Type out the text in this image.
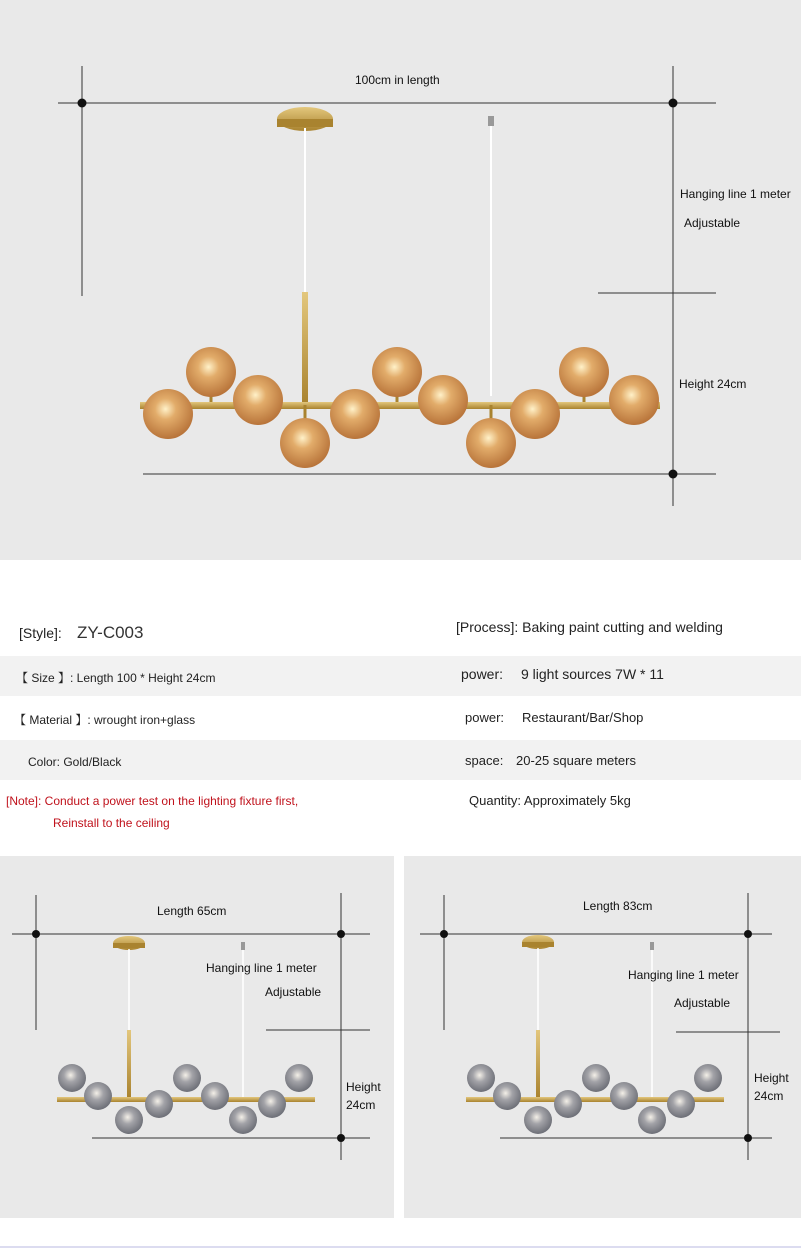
100cm in length
Hanging line 1 meter
Adjustable
Height 24cm
[Style]: ZY-C003	[Process]: Baking paint cutting and welding
【 Size 】: Length 100 * Height 24cm	power: 9 light sources 7W * 11
【 Material 】: wrought iron+glass	power: Restaurant/Bar/Shop
Color: Gold/Black	space: 20-25 square meters
[Note]: Conduct a power test on the lighting fixture first,
Reinstall to the ceiling
Quantity: Approximately 5kg
Length 65cm
Hanging line 1 meter
Adjustable
Height
24cm
Length 83cm
Hanging line 1 meter
Adjustable
Height
24cm
